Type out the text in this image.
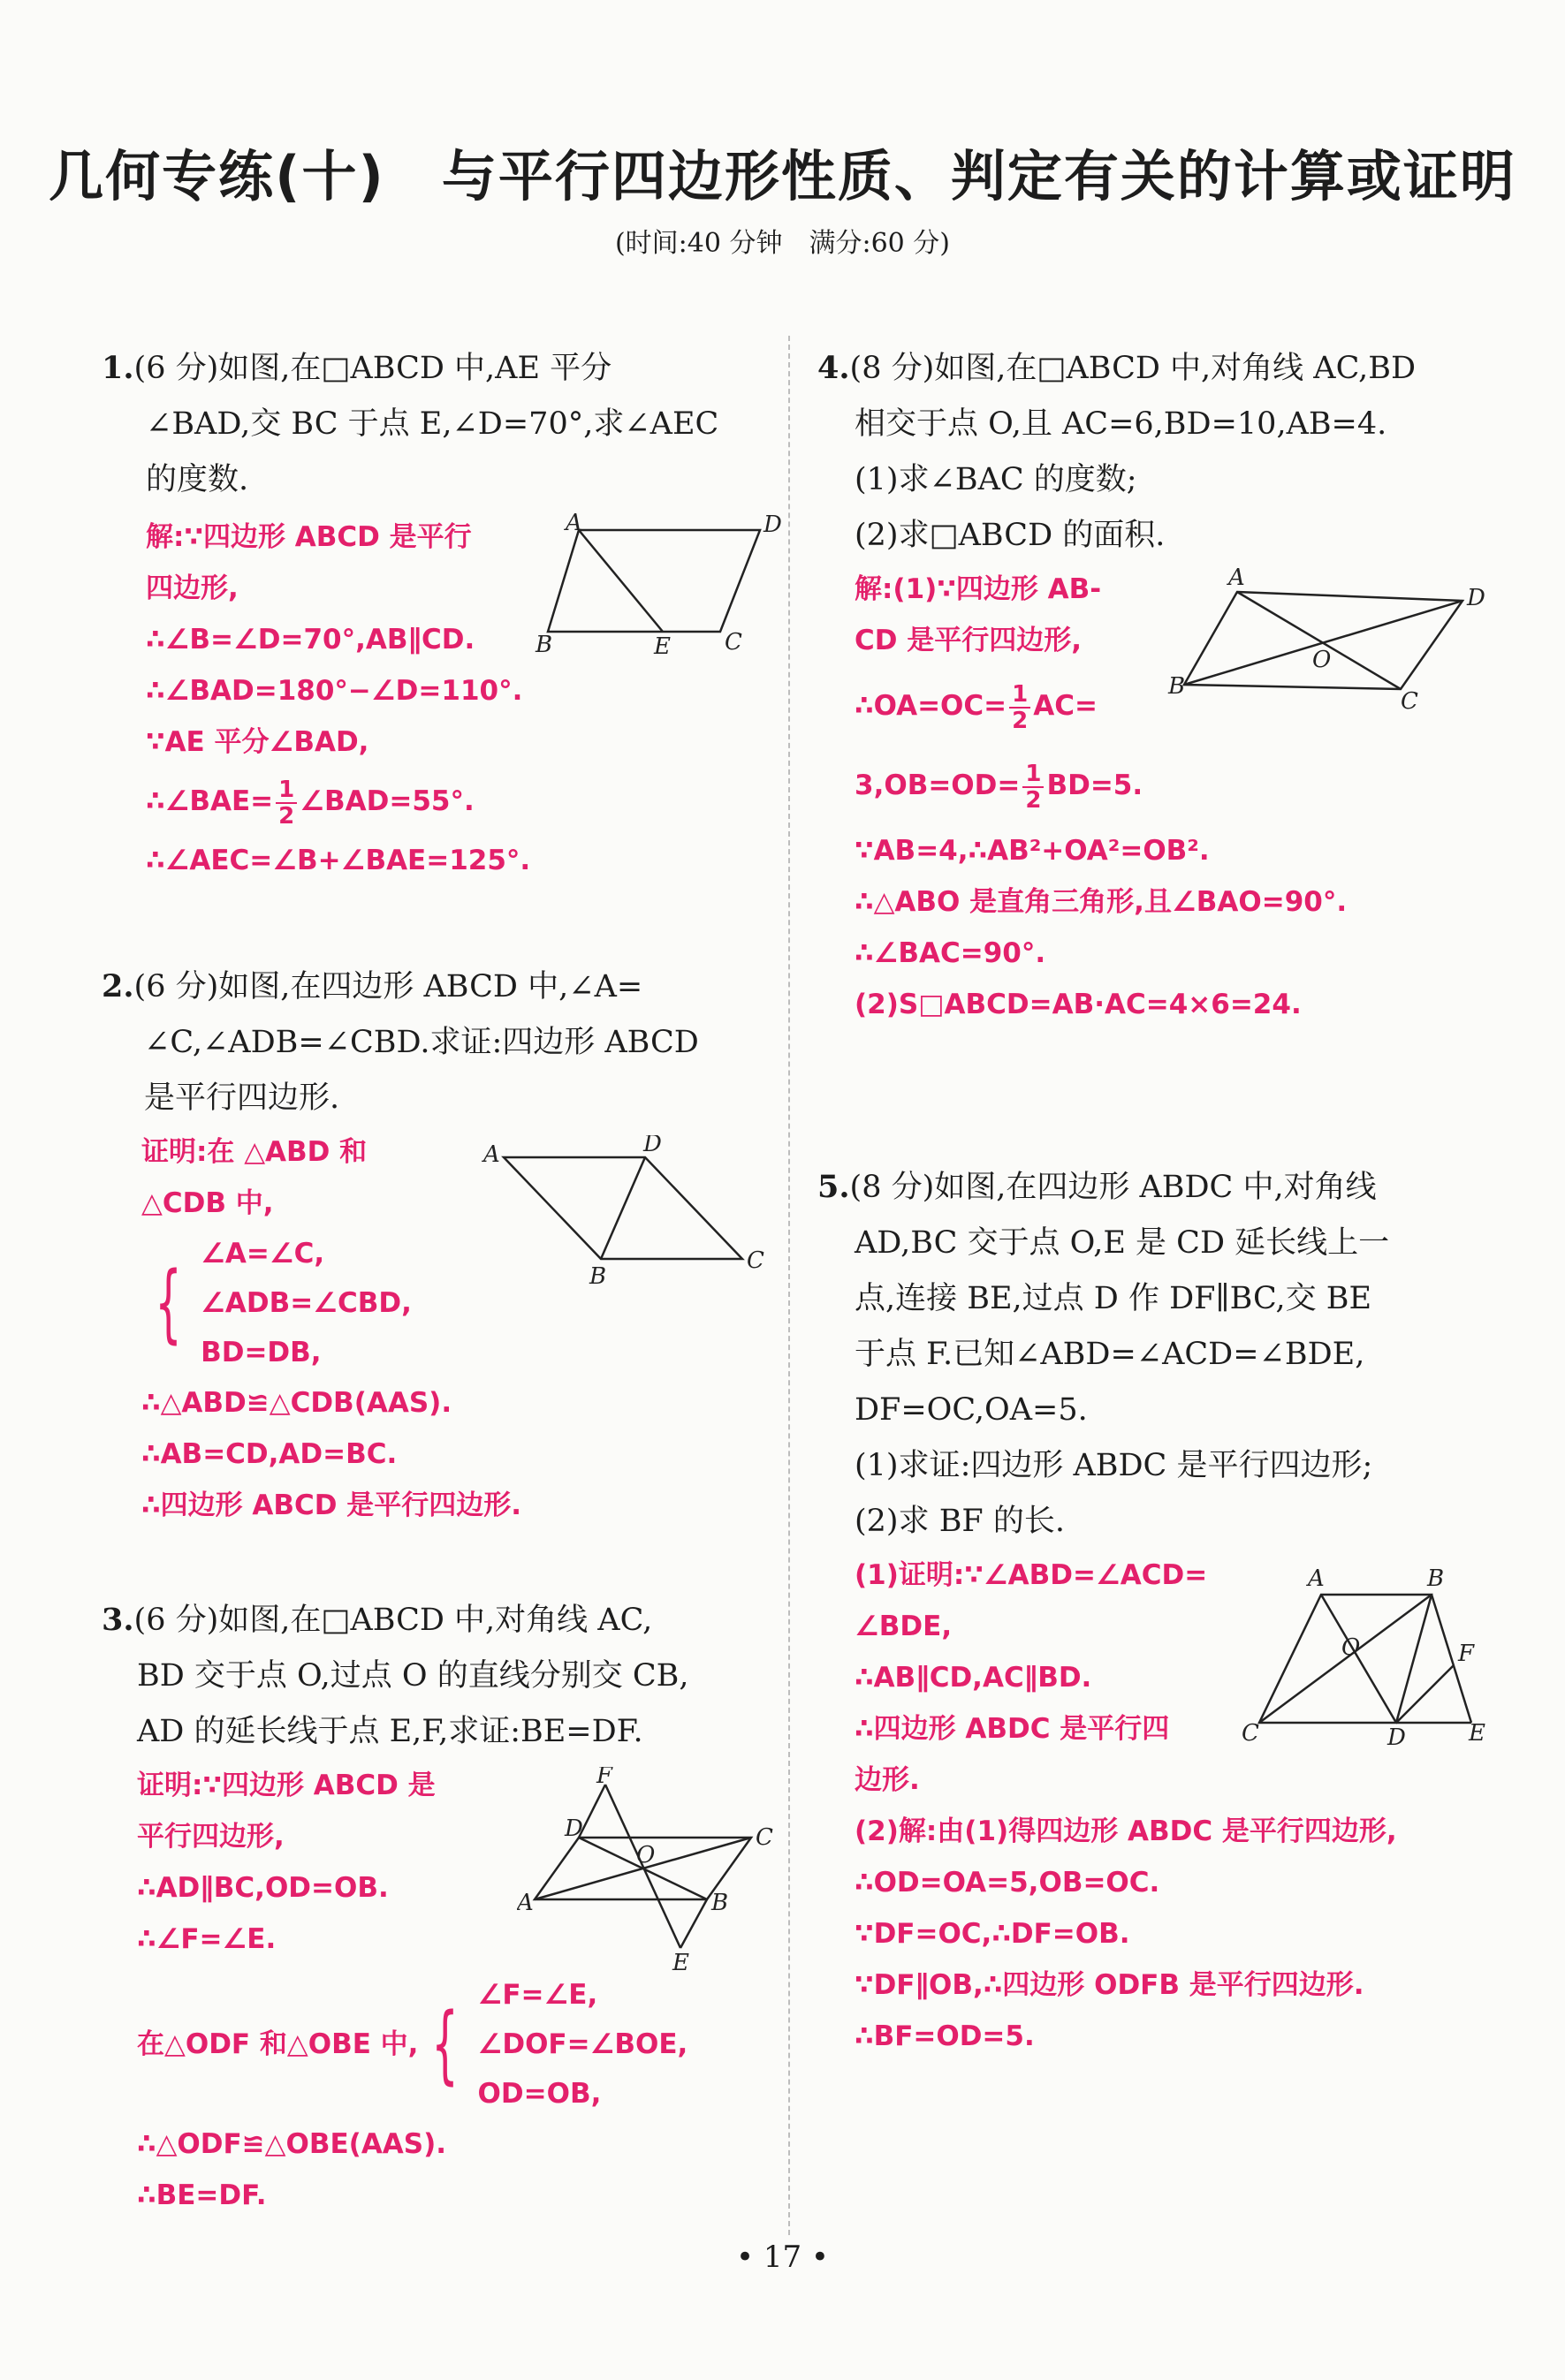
几何专练(十)　与平行四边形性质、判定有关的计算或证明
(时间:40 分钟　满分:60 分)
1.(6 分)如图,在□ABCD 中,AE 平分
∠BAD,交 BC 于点 E,∠D=70°,求∠AEC
的度数.
解:∵四边形 ABCD 是平行
四边形,
∴∠B=∠D=70°,AB∥CD.
∴∠BAD=180°−∠D=110°.
∵AE 平分∠BAD,
∴∠BAE= $\frac{1}{2}$ ∠BAD=55°.
∴∠AEC=∠B+∠BAE=125°.
A	D
B	E C
2.(6 分)如图,在四边形 ABCD 中,∠A=
∠C,∠ADB=∠CBD.求证:四边形 ABCD
是平行四边形.
证明:在 △ABD 和
△CDB 中,
{ ∠A=∠C,
∠ADB=∠CBD,
BD=DB,
∴△ABD≌△CDB(AAS).
∴AB=CD,AD=BC.
∴四边形 ABCD 是平行四边形.
A	D
B
C
3.(6 分)如图,在□ABCD 中,对角线 AC,
BD 交于点 O,过点 O 的直线分别交 CB,
AD 的延长线于点 E,F,求证:BE=DF.
证明:∵四边形 ABCD 是
平行四边形,
∴AD∥BC,OD=OB.
∴∠F=∠E.
在△ODF 和△OBE 中, { ∠F=∠E,
∠DOF=∠BOE,
OD=OB,
∴△ODF≌△OBE(AAS).
∴BE=DF.
F
D	C
O
A	B
E
4.(8 分)如图,在□ABCD 中,对角线 AC,BD
相交于点 O,且 AC=6,BD=10,AB=4.
(1)求∠BAC 的度数;
(2)求□ABCD 的面积.
解:(1)∵四边形 AB-
CD 是平行四边形,
∴OA=OC= $\frac{1}{2} AC=$
$3,OB=OD= \frac{1}{2} BD=5$.
∵AB=4,∴AB²+OA²=OB².
∴△ABO 是直角三角形,且∠BAO=90°.
∴∠BAC=90°.
(2)S□ABCD=AB·AC=4×6=24.
A
D
O
B
C
5.(8 分)如图,在四边形 ABDC 中,对角线
AD,BC 交于点 O,E 是 CD 延长线上一
点,连接 BE,过点 D 作 DF∥BC,交 BE
于点 F.已知∠ABD=∠ACD=∠BDE,
DF=OC,OA=5.
(1)求证:四边形 ABDC 是平行四边形;
(2)求 BF 的长.
(1)证明:∵∠ABD=∠ACD=
∠BDE,
∴AB∥CD,AC∥BD.
∴四边形 ABDC 是平行四
边形.
(2)解:由(1)得四边形 ABDC 是平行四边形,
∴OD=OA=5,OB=OC.
∵DF=OC,∴DF=OB.
∵DF∥OB,∴四边形 ODFB 是平行四边形.
∴BF=OD=5.
A	B
O	F
C	D	E
• 17 •
